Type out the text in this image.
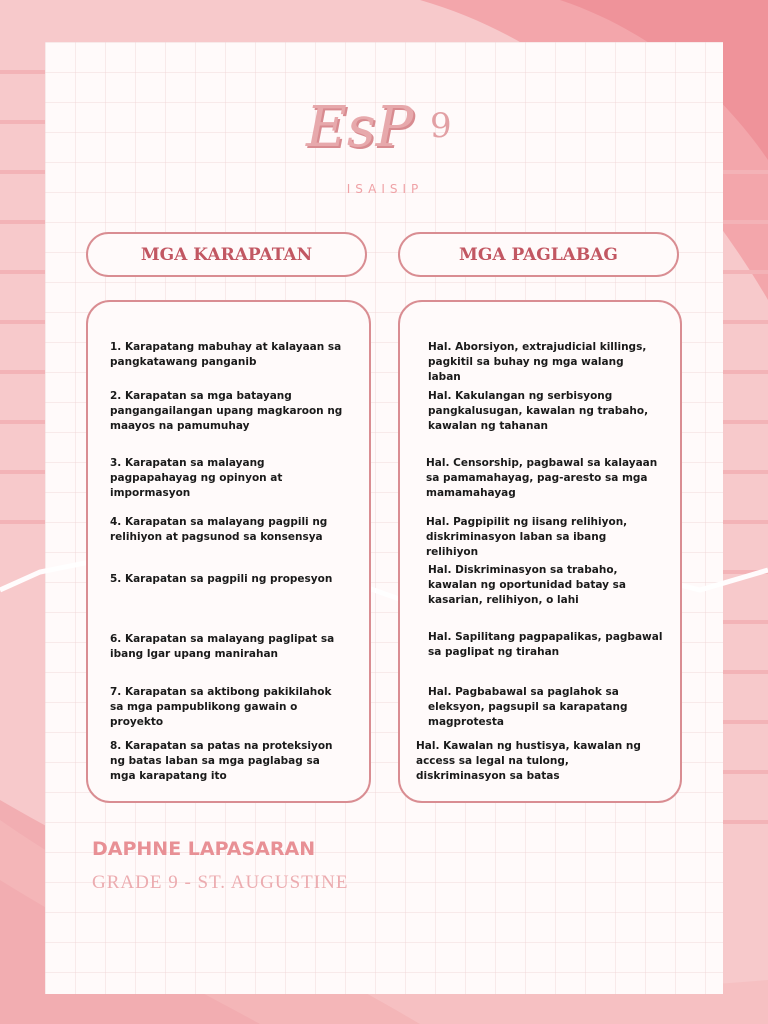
EsP 9
ISAISIP
MGA KARAPATAN	MGA PAGLABAG
1. Karapatang mabuhay at kalayaan sa pangkatawang panganib
2. Karapatan sa mga batayang pangangailangan upang magkaroon ng maayos na pamumuhay
3. Karapatan sa malayang pagpapahayag ng opinyon at impormasyon
4. Karapatan sa malayang pagpili ng relihiyon at pagsunod sa konsensya
5. Karapatan sa pagpili ng propesyon
6. Karapatan sa malayang paglipat sa ibang lgar upang manirahan
7. Karapatan sa aktibong pakikilahok sa mga pampublikong gawain o proyekto
8. Karapatan sa patas na proteksiyon ng batas laban sa mga paglabag sa mga karapatang ito
Hal. Aborsiyon, extrajudicial killings, pagkitil sa buhay ng mga walang laban
Hal. Kakulangan ng serbisyong pangkalusugan, kawalan ng trabaho, kawalan ng tahanan
Hal. Censorship, pagbawal sa kalayaan sa pamamahayag, pag-aresto sa mga mamamahayag
Hal. Pagpipilit ng iisang relihiyon, diskriminasyon laban sa ibang relihiyon
Hal. Diskriminasyon sa trabaho, kawalan ng oportunidad batay sa kasarian, relihiyon, o lahi
Hal. Sapilitang pagpapalikas, pagbawal sa paglipat ng tirahan
Hal. Pagbabawal sa paglahok sa eleksyon, pagsupil sa karapatang magprotesta
Hal. Kawalan ng hustisya, kawalan ng access sa legal na tulong, diskriminasyon sa batas
DAPHNE LAPASARAN
GRADE 9 - ST. AUGUSTINE
